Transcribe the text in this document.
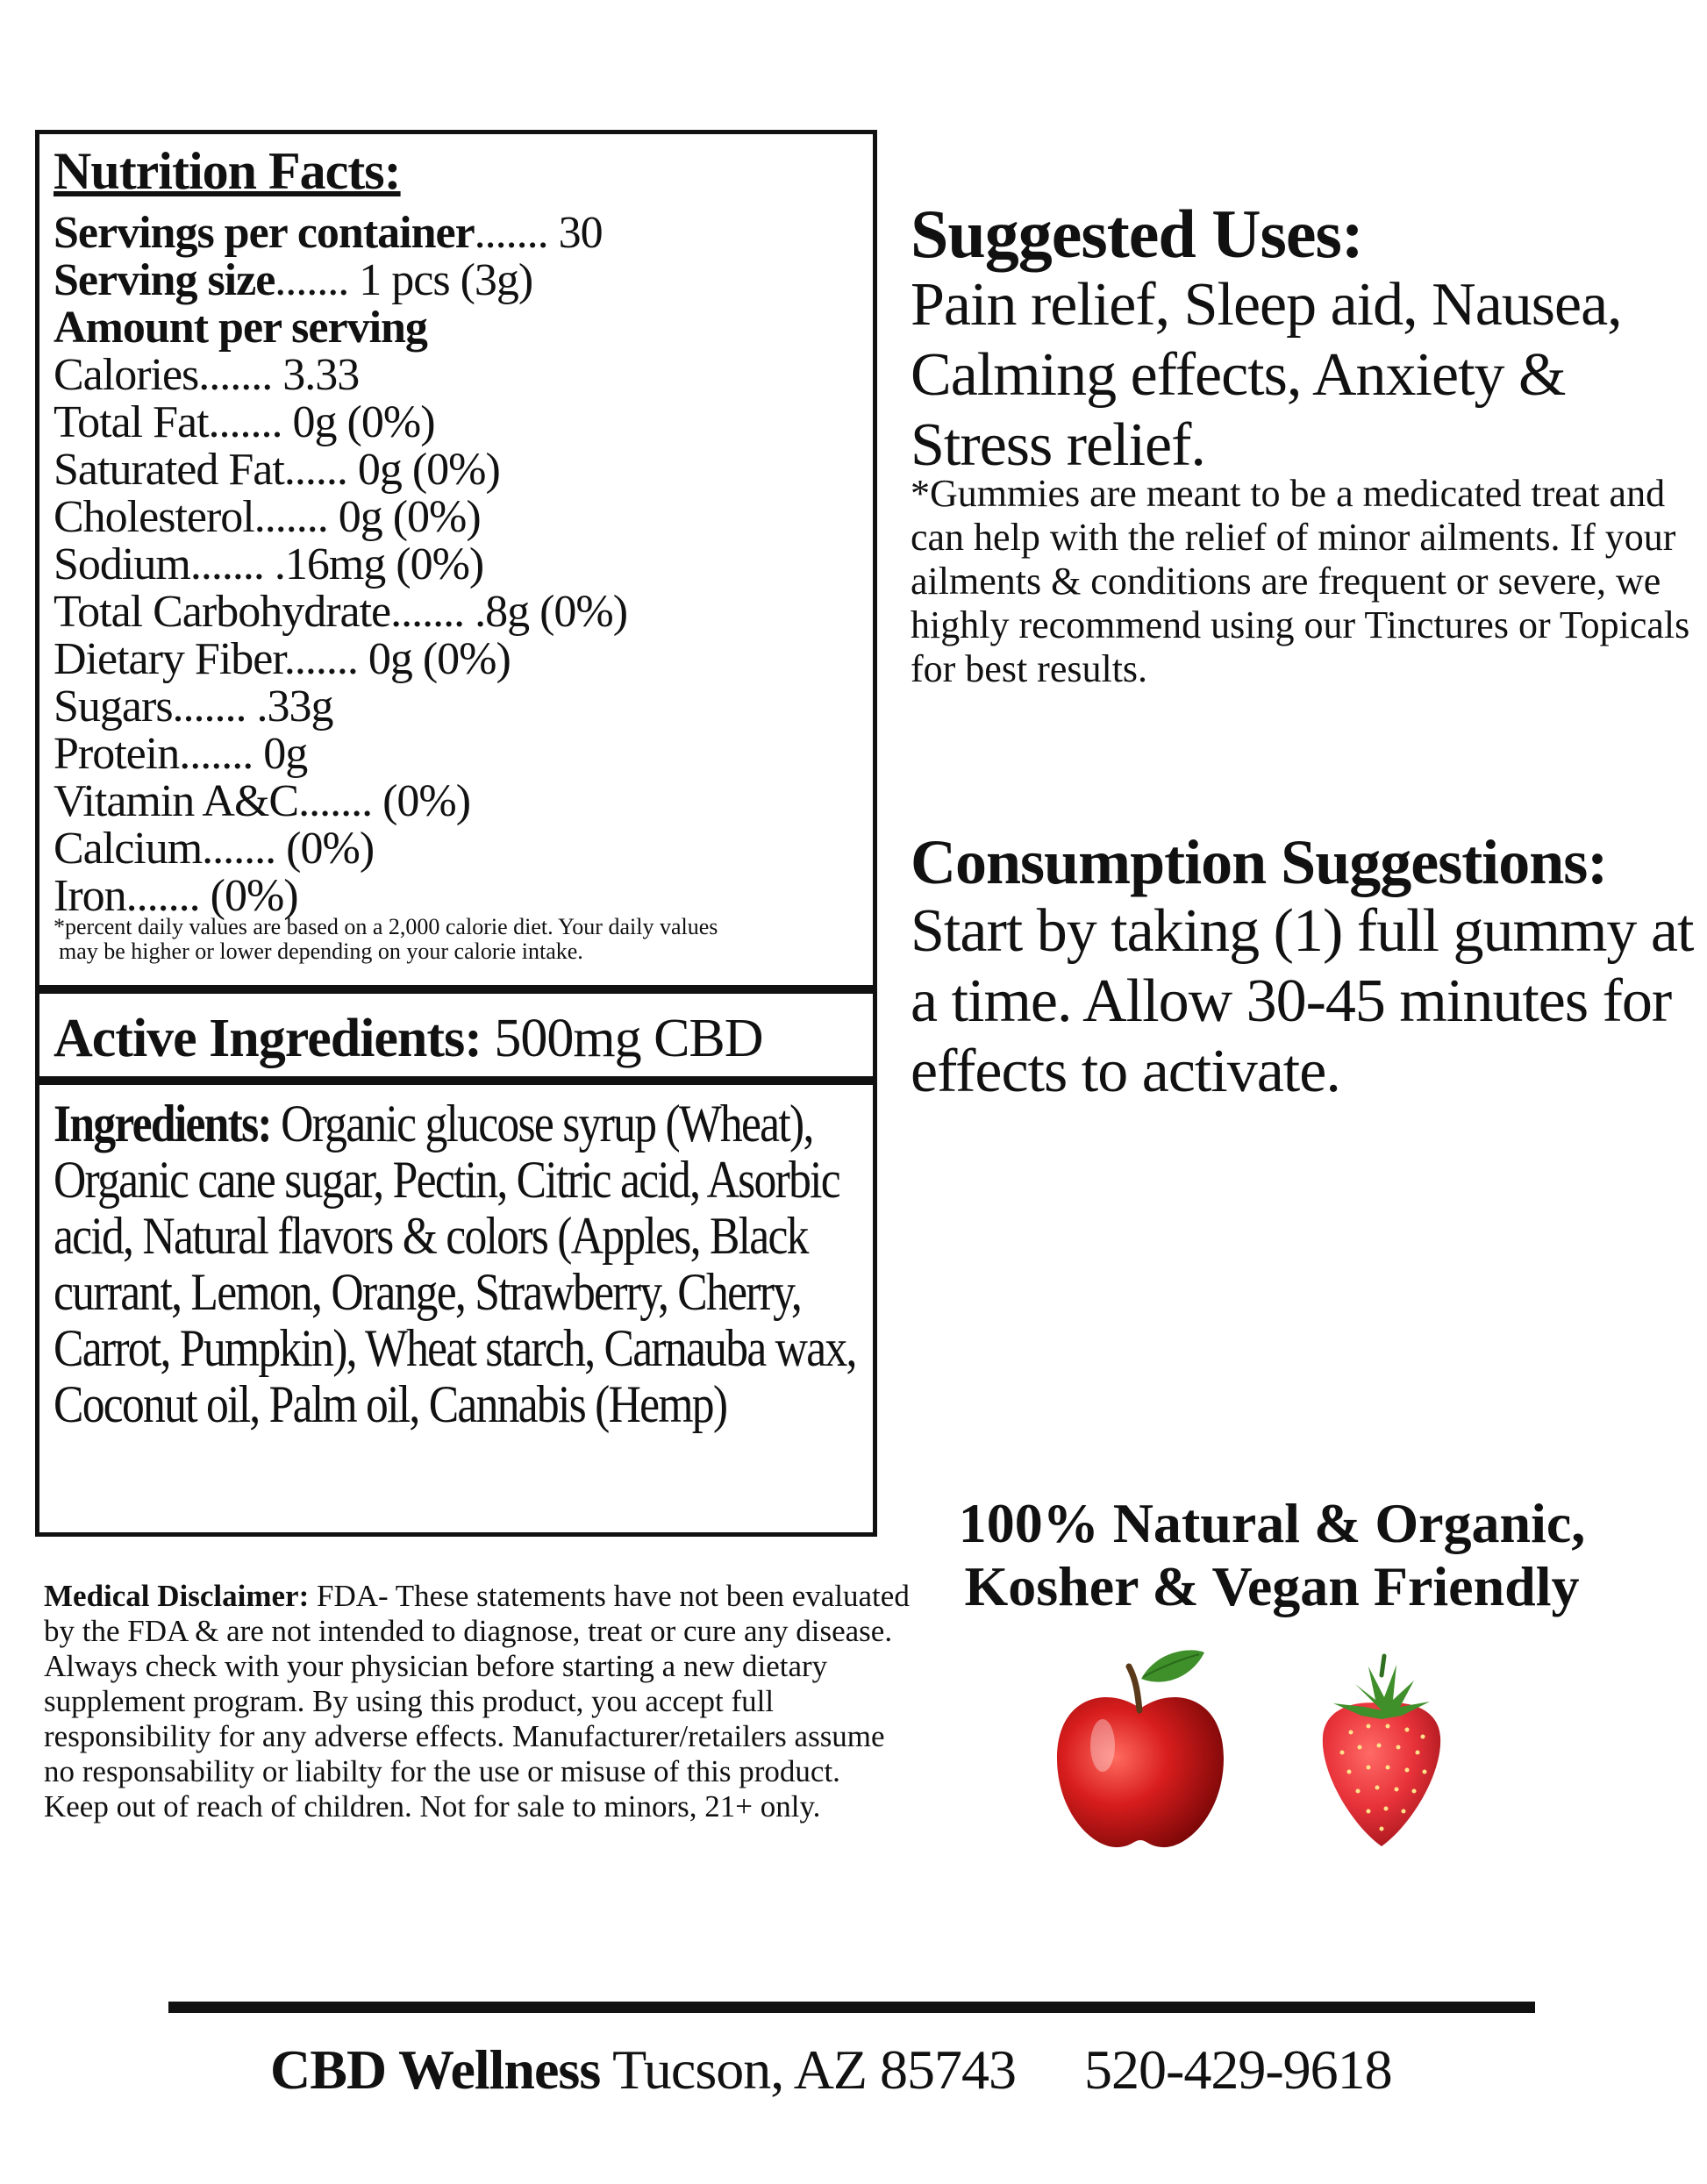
Nutrition Facts:
Servings per container....... 30
Serving size....... 1 pcs (3g)
Amount per serving
Calories....... 3.33
Total Fat....... 0g (0%)
Saturated Fat...... 0g (0%)
Cholesterol....... 0g (0%)
Sodium....... .16mg (0%)
Total Carbohydrate....... .8g (0%)
Dietary Fiber....... 0g (0%)
Sugars....... .33g
Protein....... 0g
Vitamin A&C....... (0%)
Calcium....... (0%)
Iron....... (0%)
*percent daily values are based on a 2,000 calorie diet. Your daily values
may be higher or lower depending on your calorie intake.
Active Ingredients: 500mg CBD
Ingredients: Organic glucose syrup (Wheat), Organic cane sugar, Pectin, Citric acid, Asorbic acid, Natural flavors & colors (Apples, Black currant, Lemon, Orange, Strawberry, Cherry, Carrot, Pumpkin), Wheat starch, Carnauba wax, Coconut oil, Palm oil, Cannabis (Hemp)
Suggested Uses:
Pain relief, Sleep aid, Nausea, Calming effects, Anxiety & Stress relief.
*Gummies are meant to be a medicated treat and can help with the relief of minor ailments. If your ailments & conditions are frequent or severe, we highly recommend using our Tinctures or Topicals for best results.
Consumption Suggestions:
Start by taking (1) full gummy at a time. Allow 30-45 minutes for effects to activate.
100% Natural & Organic,
Kosher & Vegan Friendly
Medical Disclaimer: FDA- These statements have not been evaluated by the FDA & are not intended to diagnose, treat or cure any disease. Always check with your physician before starting a new dietary supplement program. By using this product, you accept full responsibility for any adverse effects. Manufacturer/retailers assume no responsability or liabilty for the use or misuse of this product.
Keep out of reach of children. Not for sale to minors, 21+ only.
CBD Wellness Tucson, AZ 85743 520-429-9618
